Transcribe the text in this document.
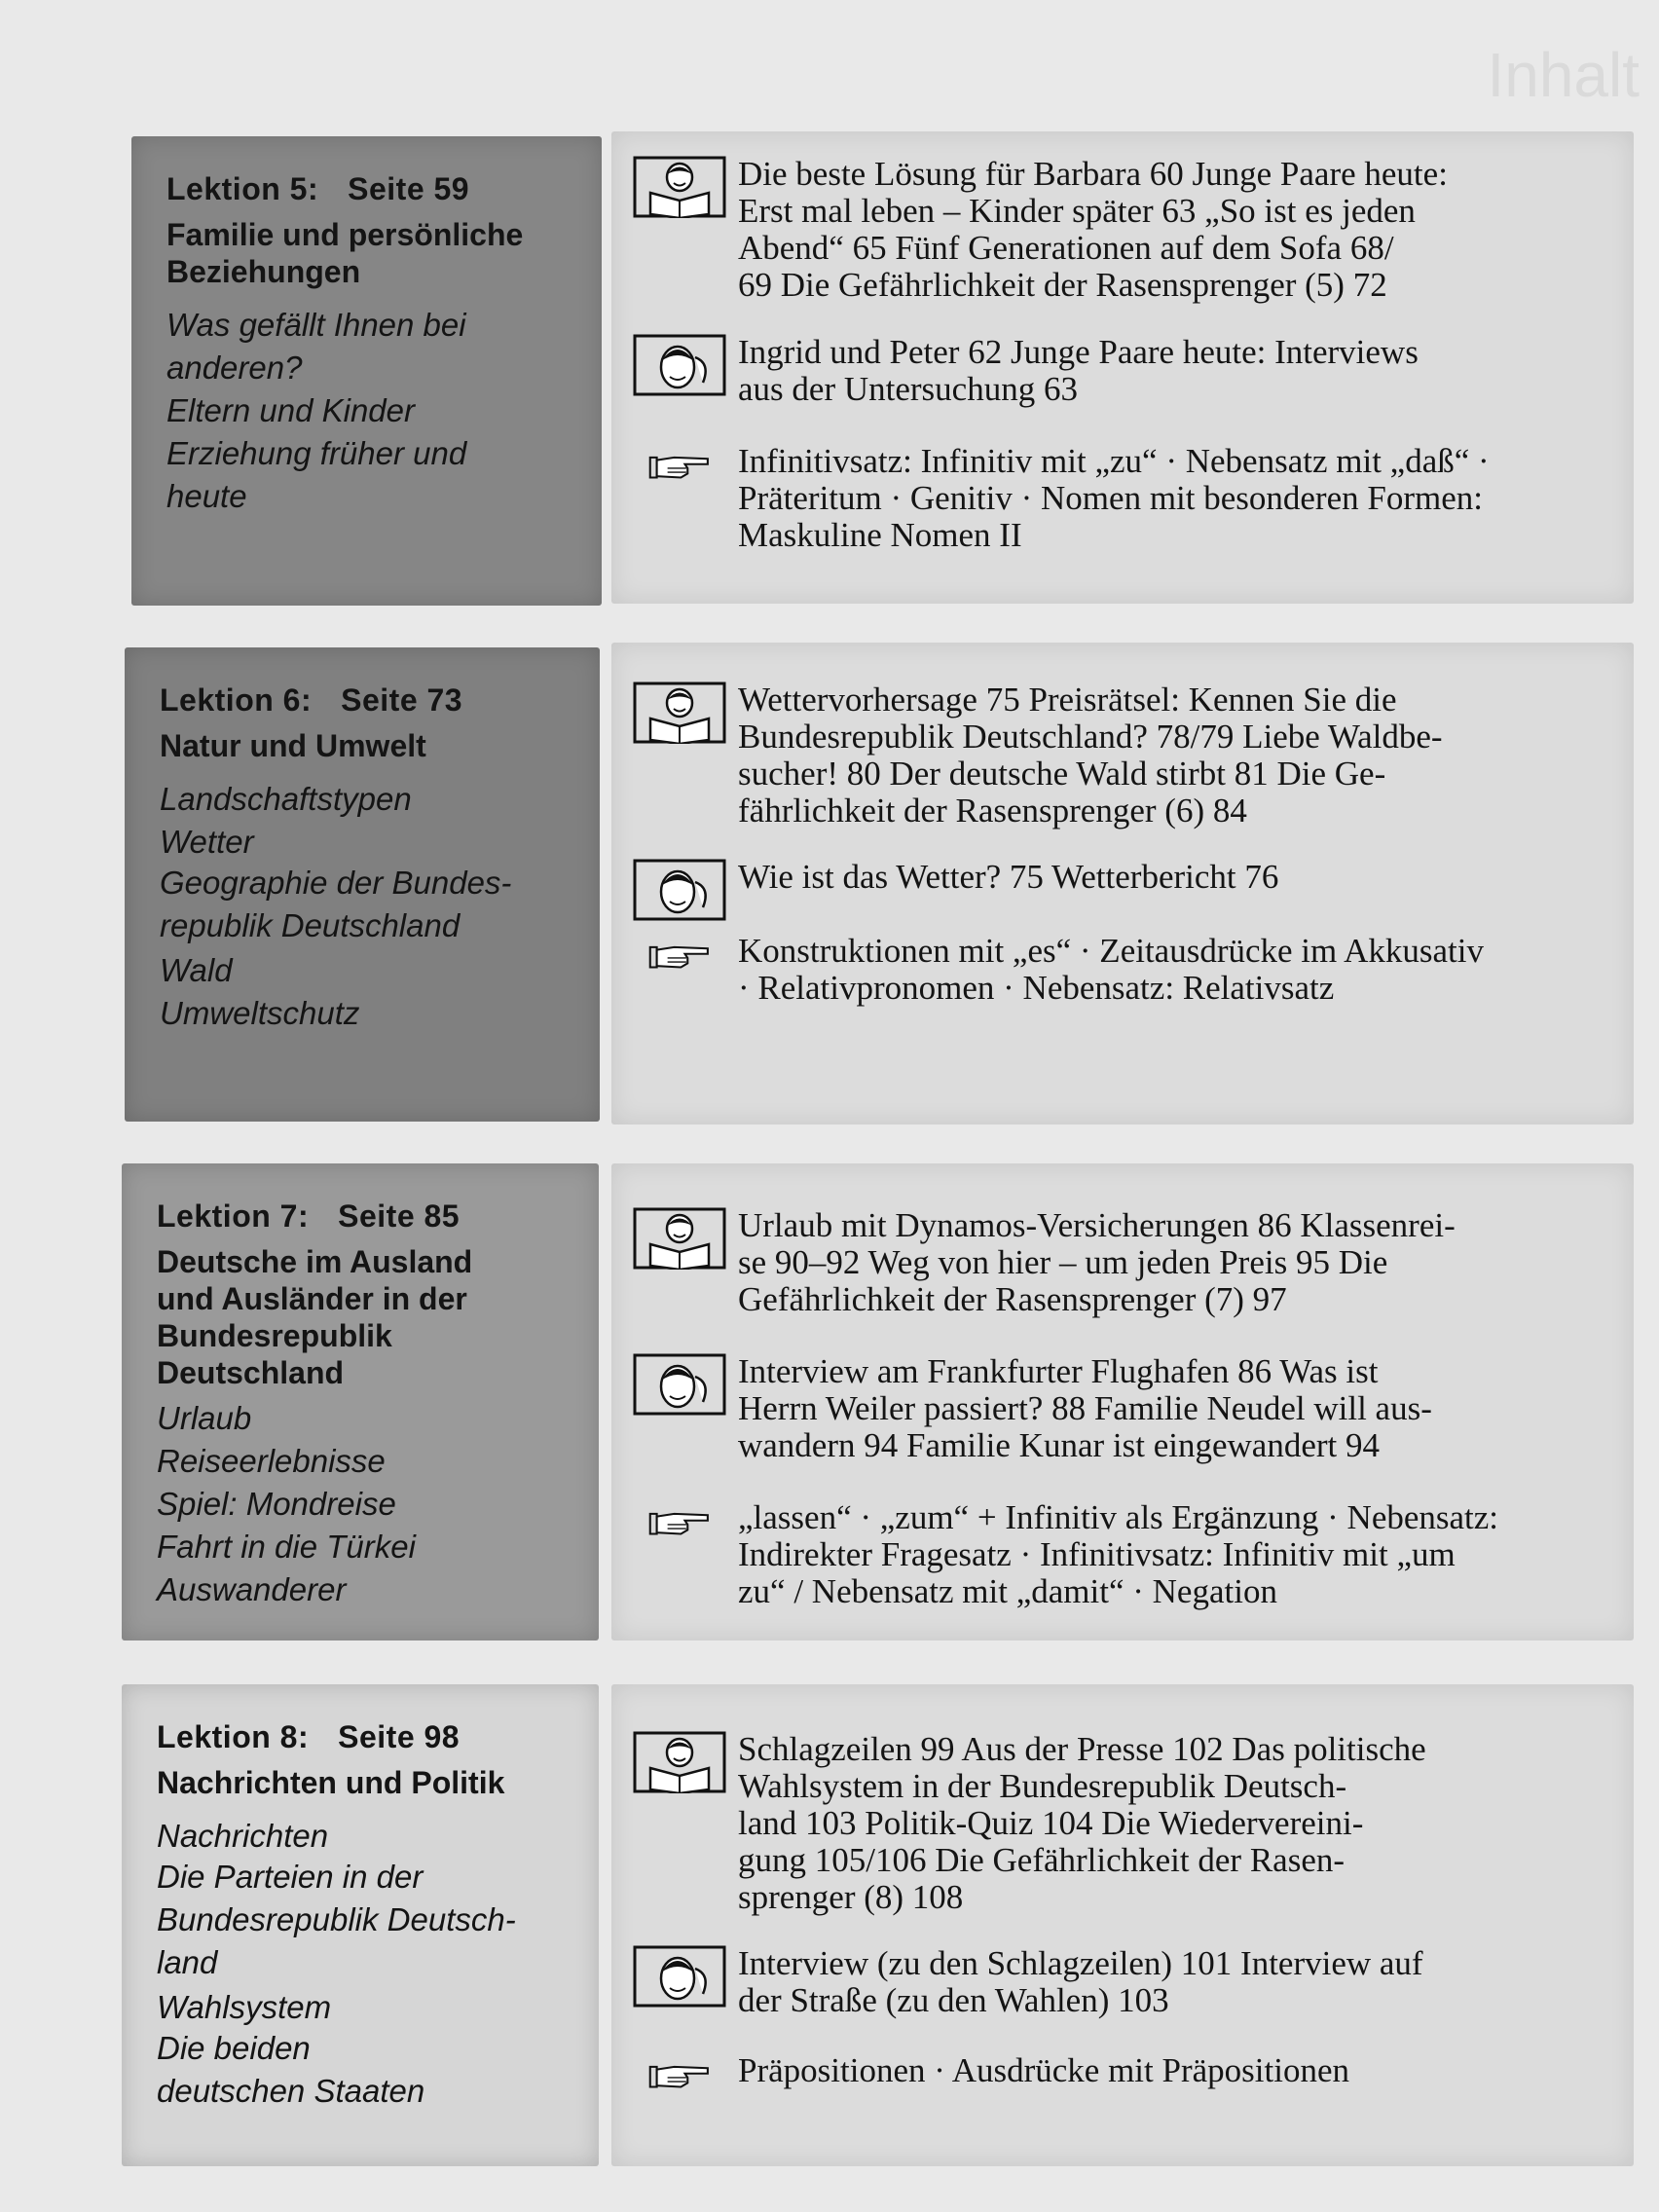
Inhalt
Lektion 5: Seite 59
Familie und persönliche
Beziehungen
Was gefällt Ihnen bei
anderen?
Eltern und Kinder
Erziehung früher und
heute
Die beste Lösung für Barbara 60 Junge Paare heute:
Erst mal leben – Kinder später 63 „So ist es jeden
Abend“ 65 Fünf Generationen auf dem Sofa 68/
69 Die Gefährlichkeit der Rasensprenger (5) 72
Ingrid und Peter 62 Junge Paare heute: Interviews
aus der Untersuchung 63
Infinitivsatz: Infinitiv mit „zu“ · Nebensatz mit „daß“ ·
Präteritum · Genitiv · Nomen mit besonderen Formen:
Maskuline Nomen II
Lektion 6: Seite 73
Natur und Umwelt
Landschaftstypen
Wetter
Geographie der Bundes-
republik Deutschland
Wald
Umweltschutz
Wettervorhersage 75 Preisrätsel: Kennen Sie die
Bundesrepublik Deutschland? 78/79 Liebe Waldbe-
sucher! 80 Der deutsche Wald stirbt 81 Die Ge-
fährlichkeit der Rasensprenger (6) 84
Wie ist das Wetter? 75 Wetterbericht 76
Konstruktionen mit „es“ · Zeitausdrücke im Akkusativ
· Relativpronomen · Nebensatz: Relativsatz
Lektion 7: Seite 85
Deutsche im Ausland
und Ausländer in der
Bundesrepublik
Deutschland
Urlaub
Reiseerlebnisse
Spiel: Mondreise
Fahrt in die Türkei
Auswanderer
Urlaub mit Dynamos-Versicherungen 86 Klassenrei-
se 90–92 Weg von hier – um jeden Preis 95 Die
Gefährlichkeit der Rasensprenger (7) 97
Interview am Frankfurter Flughafen 86 Was ist
Herrn Weiler passiert? 88 Familie Neudel will aus-
wandern 94 Familie Kunar ist eingewandert 94
„lassen“ · „zum“ + Infinitiv als Ergänzung · Nebensatz:
Indirekter Fragesatz · Infinitivsatz: Infinitiv mit „um
zu“ / Nebensatz mit „damit“ · Negation
Lektion 8: Seite 98
Nachrichten und Politik
Nachrichten
Die Parteien in der
Bundesrepublik Deutsch-
land
Wahlsystem
Die beiden
deutschen Staaten
Schlagzeilen 99 Aus der Presse 102 Das politische
Wahlsystem in der Bundesrepublik Deutsch-
land 103 Politik-Quiz 104 Die Wiedervereini-
gung 105/106 Die Gefährlichkeit der Rasen-
sprenger (8) 108
Interview (zu den Schlagzeilen) 101 Interview auf
der Straße (zu den Wahlen) 103
Präpositionen · Ausdrücke mit Präpositionen
